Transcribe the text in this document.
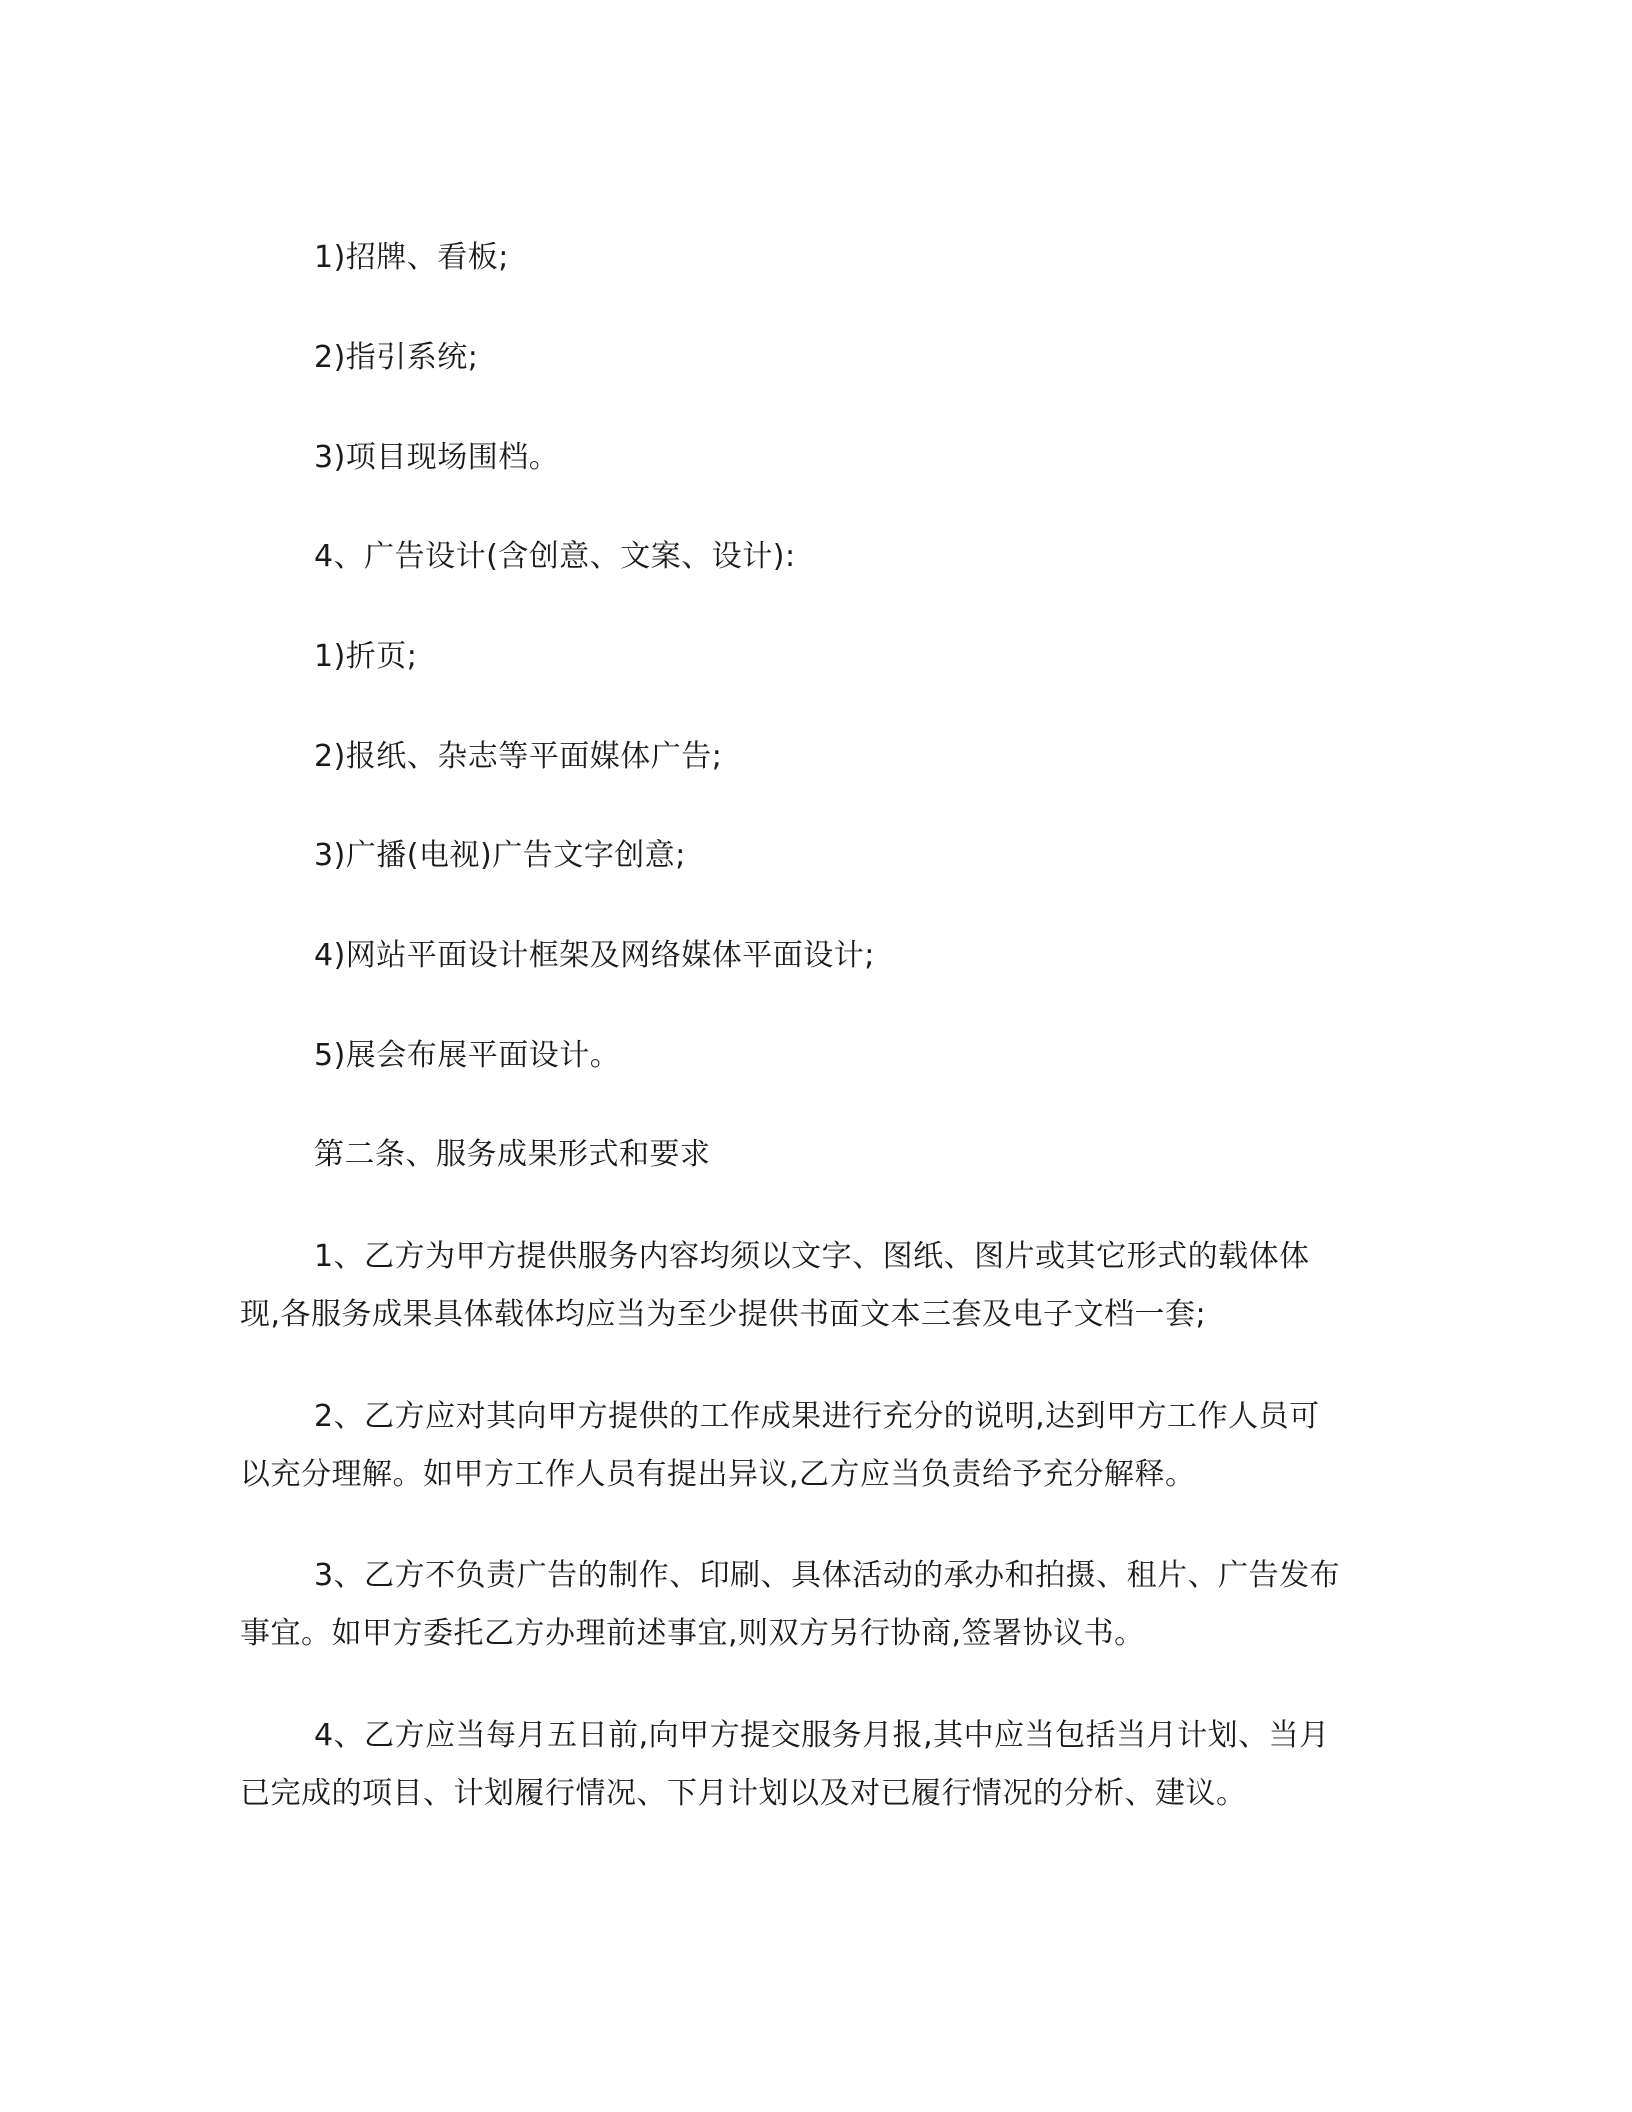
1)招牌、看板;
2)指引系统;
3)项目现场围档。
4、广告设计(含创意、文案、设计):
1)折页;
2)报纸、杂志等平面媒体广告;
3)广播(电视)广告文字创意;
4)网站平面设计框架及网络媒体平面设计;
5)展会布展平面设计。
第二条、服务成果形式和要求
1、乙方为甲方提供服务内容均须以文字、图纸、图片或其它形式的载体体
现,各服务成果具体载体均应当为至少提供书面文本三套及电子文档一套;
2、乙方应对其向甲方提供的工作成果进行充分的说明,达到甲方工作人员可
以充分理解。如甲方工作人员有提出异议,乙方应当负责给予充分解释。
3、乙方不负责广告的制作、印刷、具体活动的承办和拍摄、租片、广告发布
事宜。如甲方委托乙方办理前述事宜,则双方另行协商,签署协议书。
4、乙方应当每月五日前,向甲方提交服务月报,其中应当包括当月计划、当月
已完成的项目、计划履行情况、下月计划以及对已履行情况的分析、建议。
